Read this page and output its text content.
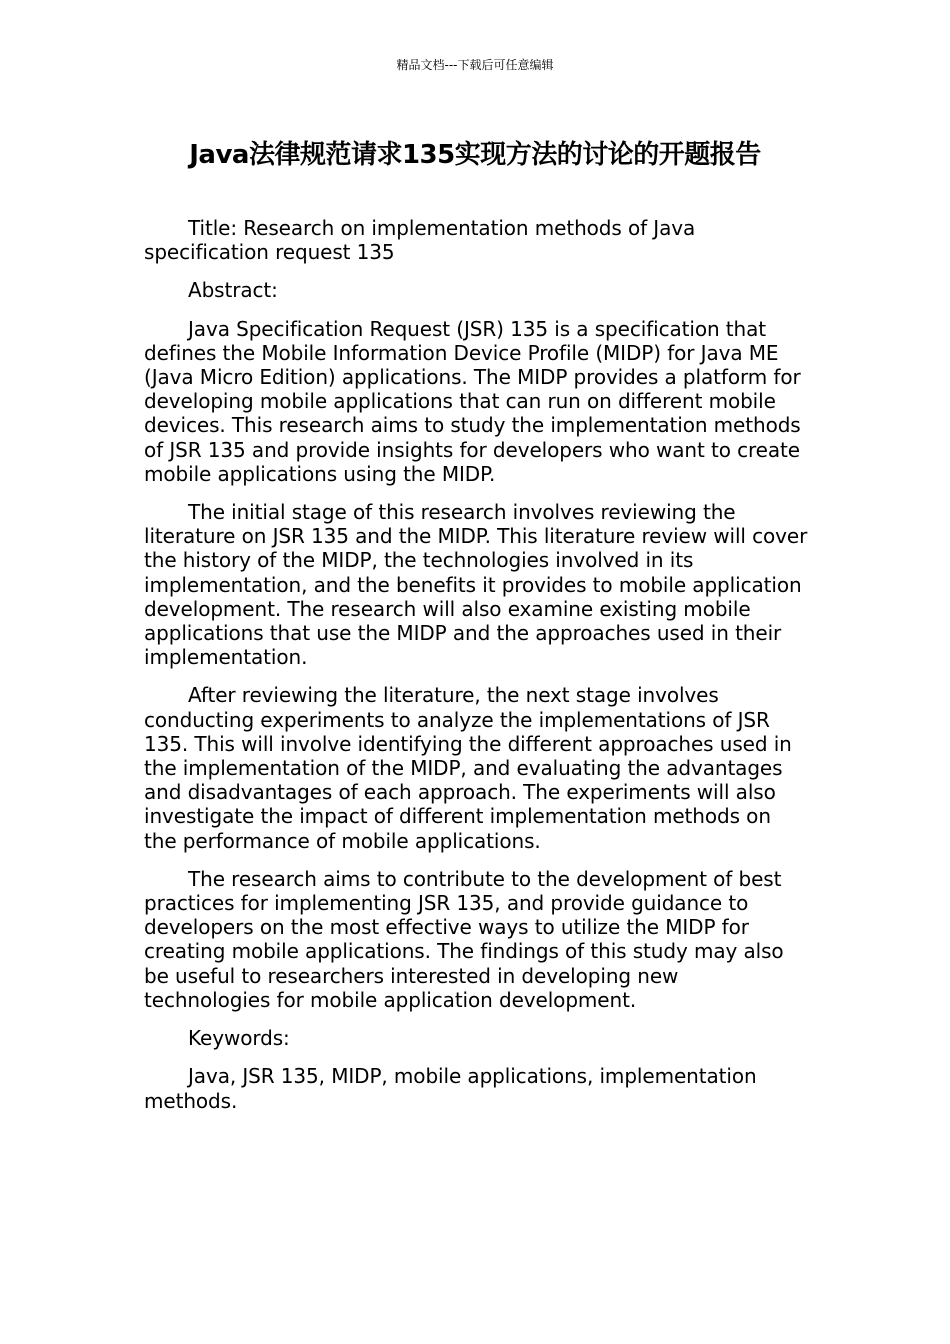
精品文档---下载后可任意编辑
Java法律规范请求135实现方法的讨论的开题报告

Title: Research on implementation methods of Java specification request 135

Abstract:

Java Specification Request (JSR) 135 is a specification that defines the Mobile Information Device Profile (MIDP) for Java ME (Java Micro Edition) applications. The MIDP provides a platform for developing mobile applications that can run on different mobile devices. This research aims to study the implementation methods of JSR 135 and provide insights for developers who want to create mobile applications using the MIDP.

The initial stage of this research involves reviewing the literature on JSR 135 and the MIDP. This literature review will cover the history of the MIDP, the technologies involved in its implementation, and the benefits it provides to mobile application development. The research will also examine existing mobile applications that use the MIDP and the approaches used in their implementation.

After reviewing the literature, the next stage involves conducting experiments to analyze the implementations of JSR 135. This will involve identifying the different approaches used in the implementation of the MIDP, and evaluating the advantages and disadvantages of each approach. The experiments will also investigate the impact of different implementation methods on the performance of mobile applications.

The research aims to contribute to the development of best practices for implementing JSR 135, and provide guidance to developers on the most effective ways to utilize the MIDP for creating mobile applications. The findings of this study may also be useful to researchers interested in developing new technologies for mobile application development.

Keywords:

Java, JSR 135, MIDP, mobile applications, implementation methods.
